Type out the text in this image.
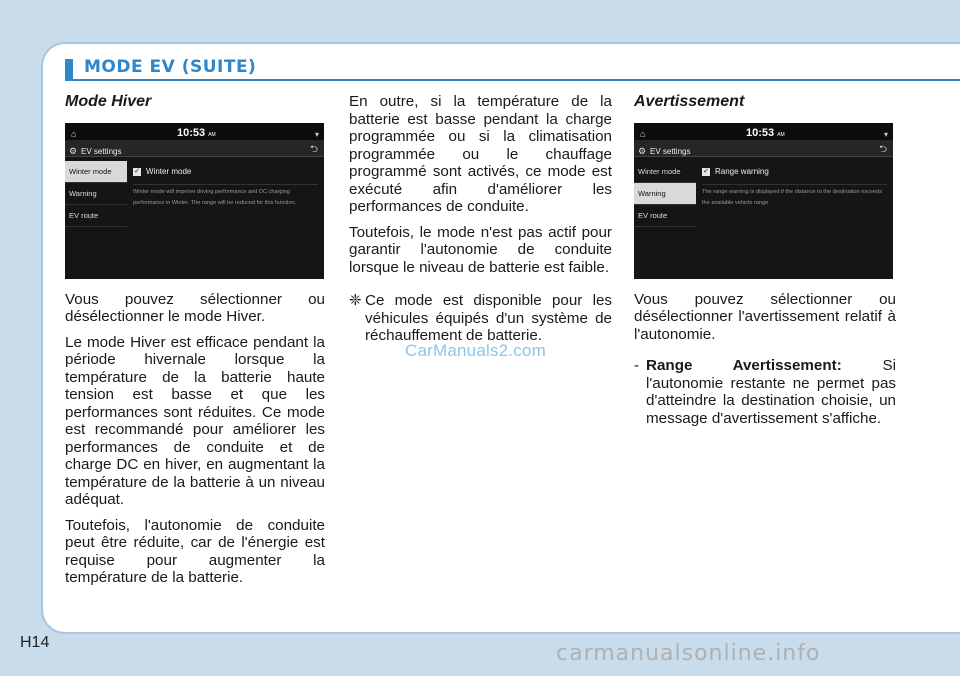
MODE EV (SUITE)
Mode Hiver
⌂	10:53 AM	▾
⚙ EV settings	⮌
Winter mode
Warning
EV route
✓ Winter mode
Winter mode will improve driving performance and DC charging performance in Winter. The range will be reduced for this function.

Vous pouvez sélectionner ou désélectionner le mode Hiver.

Le mode Hiver est efficace pendant la période hivernale lorsque la température de la batterie haute tension est basse et que les performances sont réduites. Ce mode est recommandé pour améliorer les performances de conduite et de charge DC en hiver, en augmentant la température de la batterie à un niveau adéquat.

Toutefois, l'autonomie de conduite peut être réduite, car de l'énergie est requise pour augmenter la température de la batterie.

En outre, si la température de la batterie est basse pendant la charge programmée ou si la climatisation programmée ou le chauffage programmé sont activés, ce mode est exécuté afin d'améliorer les performances de conduite.

Toutefois, le mode n'est pas actif pour garantir l'autonomie de conduite lorsque le niveau de batterie est faible.

❈ Ce mode est disponible pour les véhicules équipés d'un système de réchauffement de batterie.
Avertissement
⌂	10:53 AM	▾
⚙ EV settings	⮌
Winter mode
Warning
EV route
✓ Range warning
The range warning is displayed if the distance to the destination exceeds the available vehicle range

Vous pouvez sélectionner ou désélectionner l'avertissement relatif à l'autonomie.

- Range Avertissement: Si l'autonomie restante ne permet pas d'atteindre la destination choisie, un message d'avertissement s'affiche.
CarManuals2.com
H14	carmanualsonline.info
